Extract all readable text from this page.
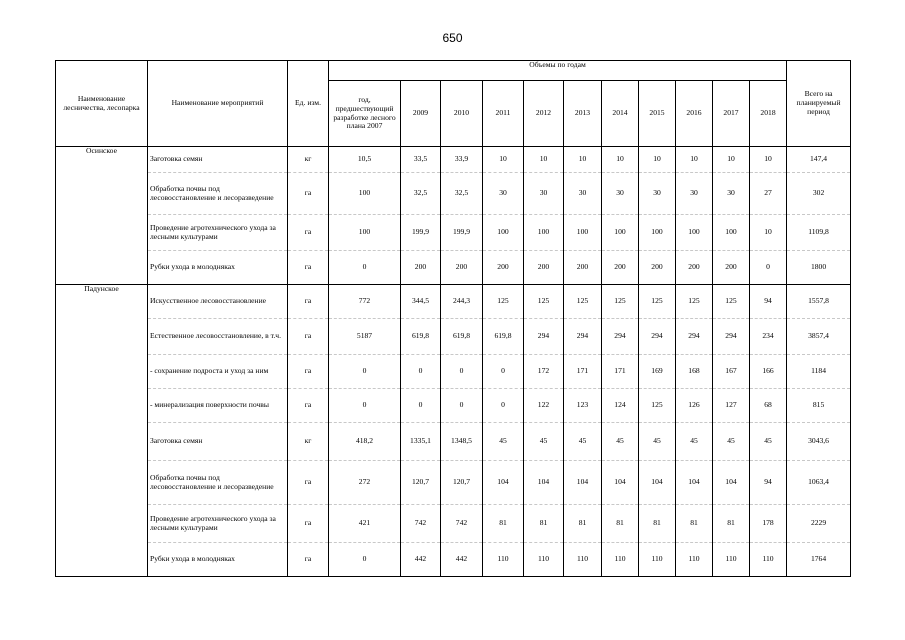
650
Наименование лесничества, лесопарка	Наименование мероприятий	Ед. изм.	Объемы по годам											Всего на планируемый период
			год, предшествующий разработке лесного плана 2007	2009	2010	2011	2012	2013	2014	2015	2016	2017	2018	
Осинское	Заготовка семян	кг	10,5	33,5	33,9	10	10	10	10	10	10	10	10	147,4
	Обработка почвы под лесовосстановление и лесоразведение	га	100	32,5	32,5	30	30	30	30	30	30	30	27	302
	Проведение агротехнического ухода за лесными культурами	га	100	199,9	199,9	100	100	100	100	100	100	100	10	1109,8
	Рубки ухода в молодняках	га	0	200	200	200	200	200	200	200	200	200	0	1800
Падунское	Искусственное лесовосстановление	га	772	344,5	244,3	125	125	125	125	125	125	125	94	1557,8
	Естественное лесовосстановление, в т.ч.	га	5187	619,8	619,8	619,8	294	294	294	294	294	294	234	3857,4
	- сохранение подроста и уход за ним	га	0	0	0	0	172	171	171	169	168	167	166	1184
	- минерализация поверхности почвы	га	0	0	0	0	122	123	124	125	126	127	68	815
	Заготовка семян	кг	418,2	1335,1	1348,5	45	45	45	45	45	45	45	45	3043,6
	Обработка почвы под лесовосстановление и лесоразведение	га	272	120,7	120,7	104	104	104	104	104	104	104	94	1063,4
	Проведение агротехнического ухода за лесными культурами	га	421	742	742	81	81	81	81	81	81	81	178	2229
	Рубки ухода в молодняках	га	0	442	442	110	110	110	110	110	110	110	110	1764
